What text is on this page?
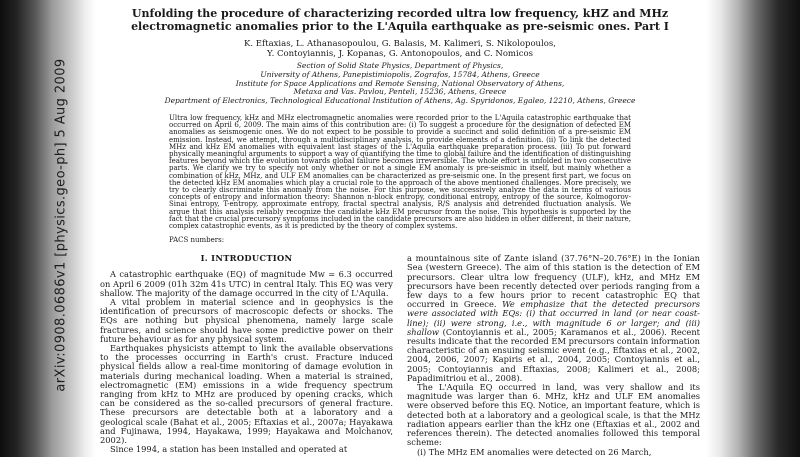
arXiv:0908.0686v1 [physics.geo-ph] 5 Aug 2009
Unfolding the procedure of characterizing recorded ultra low frequency, kHZ and MHz
electromagnetic anomalies prior to the L'Aquila earthquake as pre-seismic ones. Part I
K. Eftaxias, L. Athanasopoulou, G. Balasis, M. Kalimeri, S. Nikolopoulos,
Y. Contoyiannis, J. Kopanas, G. Antonopoulos, and C. Nomicos
Section of Solid State Physics, Department of Physics,
University of Athens, Panepistimiopolis, Zografos, 15784, Athens, Greece
Institute for Space Applications and Remote Sensing, National Observatory of Athens,
Metaxa and Vas. Pavlou, Penteli, 15236, Athens, Greece
Department of Electronics, Technological Educational Institution of Athens, Ag. Spyridonos, Egaleo, 12210, Athens, Greece
Ultra low frequency, kHz and MHz electromagnetic anomalies were recorded prior to the L'Aquila catastrophic earthquake that occurred on April 6, 2009. The main aims of this contribution are: (i) To suggest a procedure for the designation of detected EM anomalies as seismogenic ones. We do not expect to be possible to provide a succinct and solid definition of a pre-seismic EM emission. Instead, we attempt, through a multidisciplinary analysis, to provide elements of a definition. (ii) To link the detected MHz and kHz EM anomalies with equivalent last stages of the L'Aquila earthquake preparation process. (iii) To put forward physically meaningful arguments to support a way of quantifying the time to global failure and the identification of distinguishing features beyond which the evolution towards global failure becomes irreversible. The whole effort is unfolded in two consecutive parts. We clarify we try to specify not only whether or not a single EM anomaly is pre-seismic in itself, but mainly whether a combination of kHz, MHz, and ULF EM anomalies can be characterized as pre-seismic one. In the present first part, we focus on the detected kHz EM anomalies which play a crucial role to the approach of the above mentioned challenges. More precisely, we try to clearly discriminate this anomaly from the noise. For this purpose, we successively analyze the data in terms of various concepts of entropy and information theory: Shannon n-block entropy, conditional entropy, entropy of the source, Kolmogorov-Sinai entropy, T-entropy, approximate entropy, fractal spectral analysis, R/S analysis and detrended fluctuation analysis. We argue that this analysis reliably recognize the candidate kHz EM precursor from the noise. This hypothesis is supported by the fact that the crucial precursory symptoms included in the candidate precursors are also hidden in other different, in their nature, complex catastrophic events, as it is predicted by the theory of complex systems.
PACS numbers:
I. INTRODUCTION

A catastrophic earthquake (EQ) of magnitude Mw = 6.3 occurred on April 6 2009 (01h 32m 41s UTC) in central Italy. This EQ was very shallow. The majority of the damage occurred in the city of L'Aquila.

A vital problem in material science and in geophysics is the identification of precursors of macroscopic defects or shocks. The EQs are nothing but physical phenomena, namely large scale fractures, and science should have some predictive power on their future behaviour as for any physical system.

Earthquakes physicists attempt to link the available observations to the processes occurring in Earth's crust. Fracture induced physical fields allow a real-time monitoring of damage evolution in materials during mechanical loading. When a material is strained, electromagnetic (EM) emissions in a wide frequency spectrum ranging from kHz to MHz are produced by opening cracks, which can be considered as the so-called precursors of general fracture. These precursors are detectable both at a laboratory and a geological scale (Bahat et al., 2005; Eftaxias et al., 2007a; Hayakawa and Fujinawa, 1994, Hayakawa, 1999; Hayakawa and Molchanov, 2002).

Since 1994, a station has been installed and operated at

a mountainous site of Zante island (37.76°N–20.76°E) in the Ionian Sea (western Greece). The aim of this station is the detection of EM precursors. Clear ultra low frequency (ULF), kHz, and MHz EM precursors have been recently detected over periods ranging from a few days to a few hours prior to recent catastrophic EQ that occurred in Greece. We emphasize that the detected precursors were associated with EQs: (i) that occurred in land (or near coast-line); (ii) were strong, i.e., with magnitude 6 or larger; and (iii) shallow (Contoyiannis et al., 2005; Karamanos et al., 2006). Recent results indicate that the recorded EM precursors contain information characteristic of an ensuing seismic event (e.g., Eftaxias et al., 2002, 2004, 2006, 2007; Kapiris et al., 2004, 2005; Contoyiannis et al., 2005; Contoyiannis and Eftaxias, 2008; Kalimeri et al., 2008; Papadimitriou et al., 2008).

The L'Aquila EQ occurred in land, was very shallow and its magnitude was larger than 6. MHz, kHz and ULF EM anomalies were observed before this EQ. Notice, an important feature, which is detected both at a laboratory and a geological scale, is that the MHz radiation appears earlier than the kHz one (Eftaxias et al., 2002 and references therein). The detected anomalies followed this temporal scheme:

(i) The MHz EM anomalies were detected on 26 March,
